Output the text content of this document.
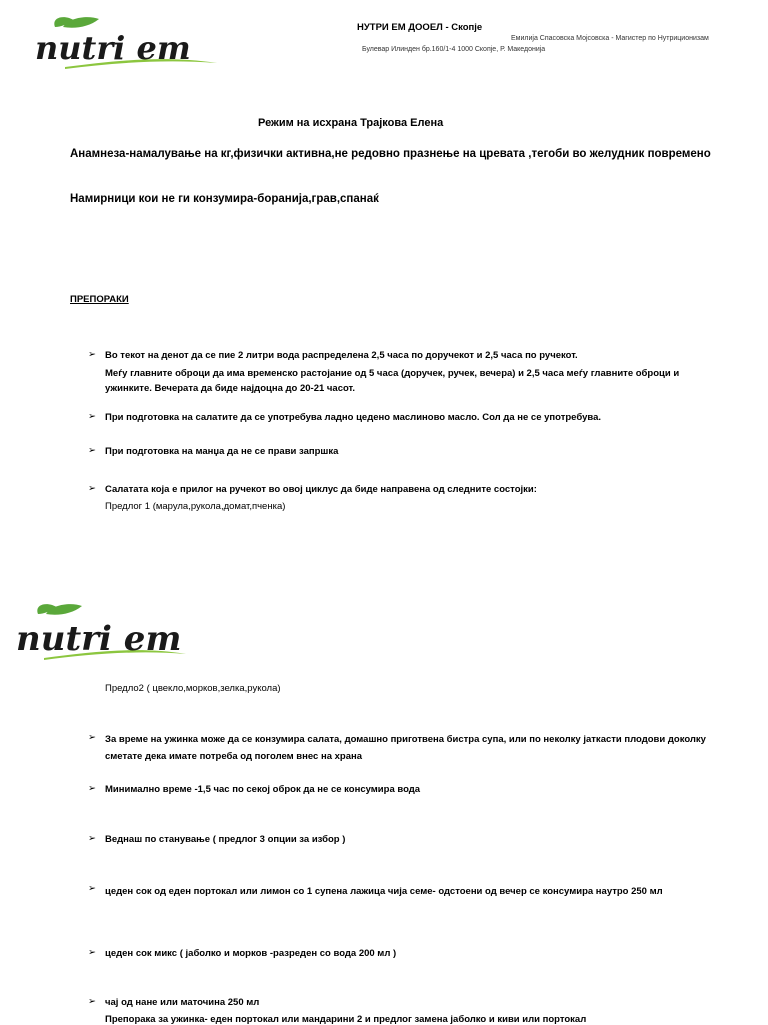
nutri em
НУТРИ ЕМ ДООЕЛ - Скопје
Емилија Спасовска Мојсовска - Магистер по Нутриционизам
Булевар Илинден бр.160/1-4 1000 Скопје, Р. Македонија
Режим на исхрана Трајкова Елена
Анамнеза-намалување на кг,физички активна,не редовно празнење на цревата ,тегоби во желудник повремено
Намирници кои не ги конзумира-боранија,грав,спанаќ
ПРЕПОРАКИ
➢ Во текот на денот да се пие 2 литри вода распределена 2,5 часа по доручекот и 2,5 часа по ручекот.
Меѓу главните оброци да има временско растојание од 5 часа (доручек, ручек, вечера) и 2,5 часа меѓу главните оброци и ужинките. Вечерата да биде најдоцна до 20-21 часот.
➢ При подготовка на салатите да се употребува ладно цедено маслиново масло. Сол да не се употребува.
➢ При подготовка на манџа да не се прави запршка
➢ Салатата која е прилог на ручекот во овој циклус да биде направена од следните состојки:
Предлог 1 (марула,рукола,домат,пченка)
nutri em
Предло2 ( цвекло,морков,зелка,рукола)
➢ За време на ужинка може да се конзумира салата, домашно приготвена бистра супа, или по неколку јаткасти плодови доколку сметате дека имате потреба од поголем внес на храна
➢ Минимално време -1,5 час по секој оброк да не се консумира вода
➢ Веднаш по станување ( предлог 3 опции за избор )
➢ цеден сок од еден портокал или лимон со 1 супена лажица чија семе- одстоени од вечер се консумира наутро 250 мл
➢ цеден сок микс ( јаболко и морков -разреден со вода 200 мл )
➢ чај од нане или маточина 250 мл
Препорака за ужинка- еден портокал или мандарини 2 и предлог замена јаболко и киви или портокал
